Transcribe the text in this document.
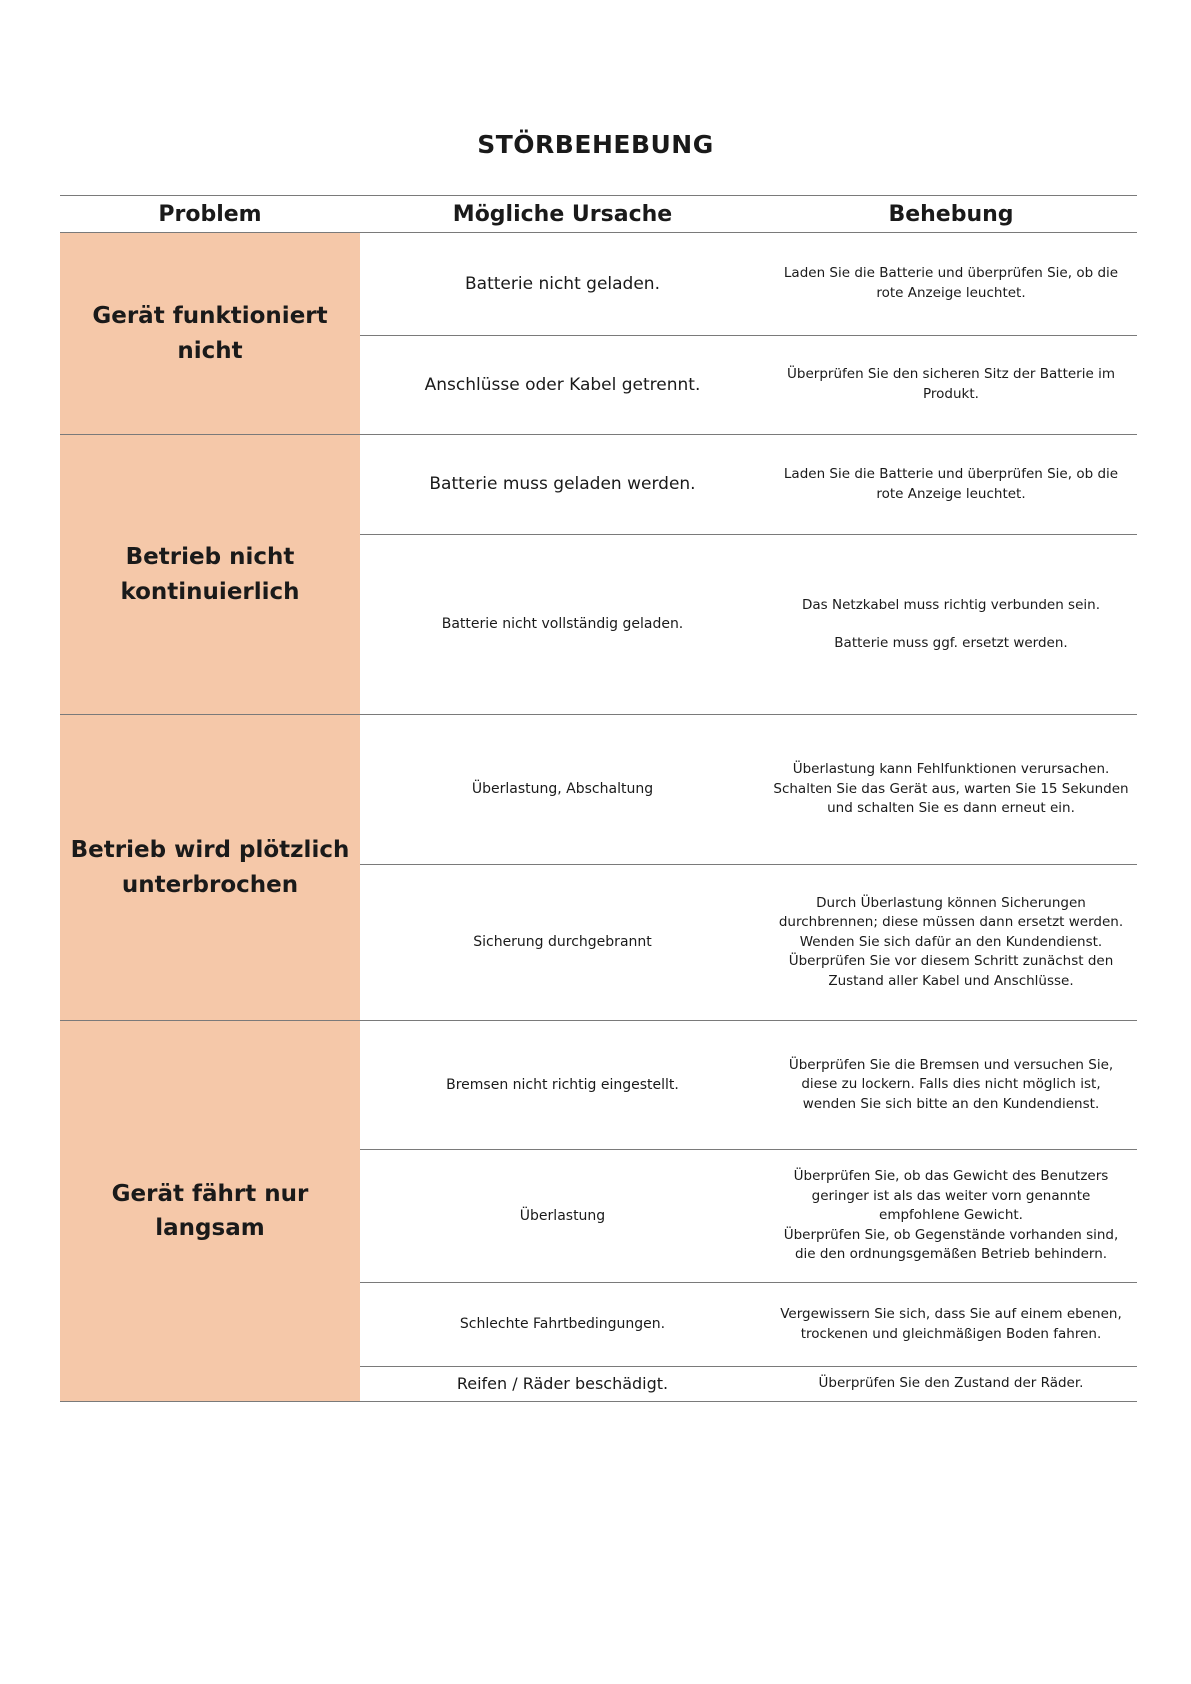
STÖRBEHEBUNG
Problem	Mögliche Ursache	Behebung
Gerät funktioniert nicht	Batterie nicht geladen.	Laden Sie die Batterie und überprüfen Sie, ob die rote Anzeige leuchtet.

	Anschlüsse oder Kabel getrennt.	Überprüfen Sie den sicheren Sitz der Batterie im Produkt.

Betrieb nicht kontinuierlich	Batterie muss geladen werden.	Laden Sie die Batterie und überprüfen Sie, ob die rote Anzeige leuchtet.

	Batterie nicht vollständig geladen.	Das Netzkabel muss richtig verbunden sein.
Batterie muss ggf. ersetzt werden.

Betrieb wird plötzlich unterbrochen	Überlastung, Abschaltung	Überlastung kann Fehlfunktionen verursachen. Schalten Sie das Gerät aus, warten Sie 15 Sekunden und schalten Sie es dann erneut ein.

	Sicherung durchgebrannt	Durch Überlastung können Sicherungen durchbrennen; diese müssen dann ersetzt werden. Wenden Sie sich dafür an den Kundendienst.
Überprüfen Sie vor diesem Schritt zunächst den Zustand aller Kabel und Anschlüsse.

Gerät fährt nur langsam	Bremsen nicht richtig eingestellt.	Überprüfen Sie die Bremsen und versuchen Sie, diese zu lockern. Falls dies nicht möglich ist, wenden Sie sich bitte an den Kundendienst.

	Überlastung	Überprüfen Sie, ob das Gewicht des Benutzers geringer ist als das weiter vorn genannte empfohlene Gewicht.
Überprüfen Sie, ob Gegenstände vorhanden sind, die den ordnungsgemäßen Betrieb behindern.

	Schlechte Fahrtbedingungen.	Vergewissern Sie sich, dass Sie auf einem ebenen, trockenen und gleichmäßigen Boden fahren.

	Reifen / Räder beschädigt.	Überprüfen Sie den Zustand der Räder.
